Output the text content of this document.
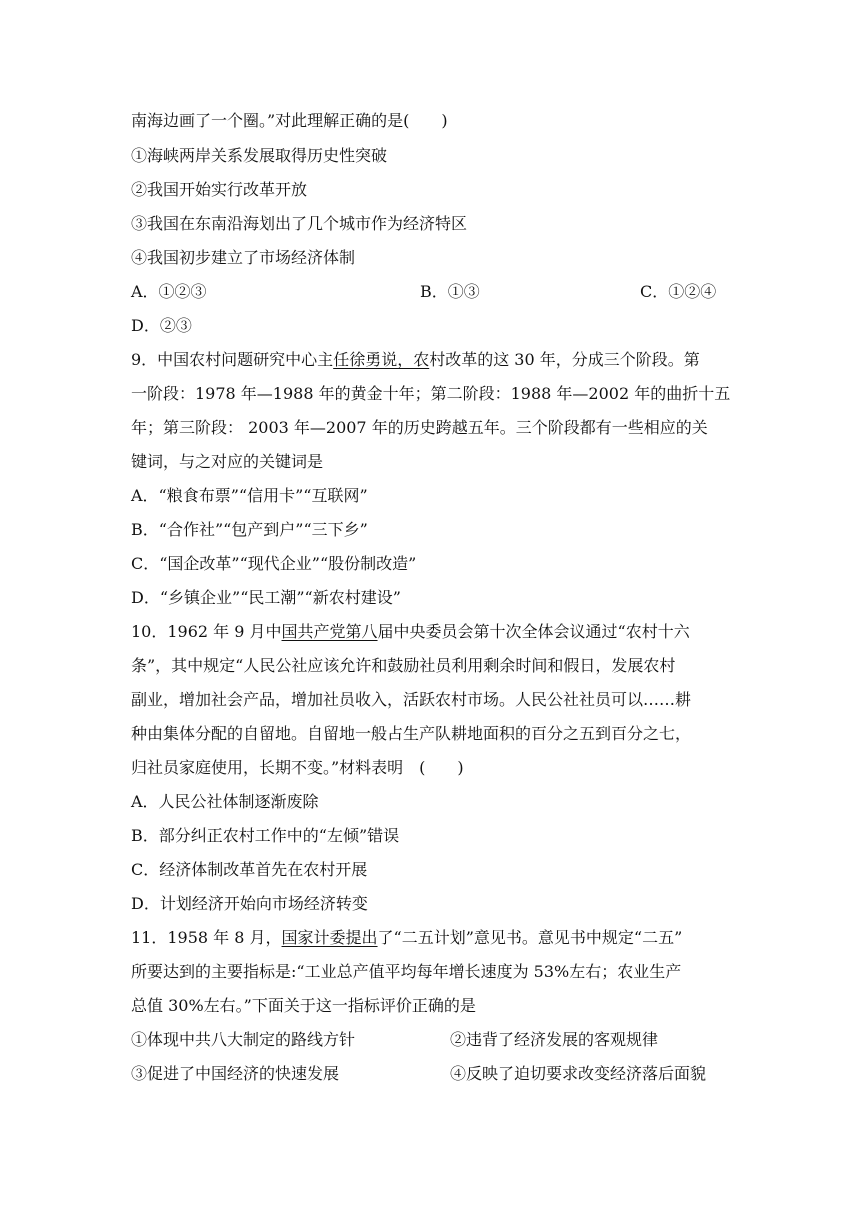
南海边画了一个圈。”对此理解正确的是(　　)

①海峡两岸关系发展取得历史性突破

②我国开始实行改革开放

③我国在东南沿海划出了几个城市作为经济特区

④我国初步建立了市场经济体制

A．①②③	B．①③	C．①②④

D．②③

9．中国农村问题研究中心主任徐勇说，农村改革的这 30 年，分成三个阶段。第

一阶段：1978 年—1988 年的黄金十年；第二阶段：1988 年—2002 年的曲折十五

年；第三阶段： 2003 年—2007 年的历史跨越五年。三个阶段都有一些相应的关

键词，与之对应的关键词是

A．“粮食布票”“信用卡”“互联网”

B．“合作社”“包产到户”“三下乡”

C．“国企改革”“现代企业”“股份制改造”

D．“乡镇企业”“民工潮”“新农村建设”

10．1962 年 9 月中国共产党第八届中央委员会第十次全体会议通过“农村十六

条”，其中规定“人民公社应该允许和鼓励社员利用剩余时间和假日，发展农村

副业，增加社会产品，增加社员收入，活跃农村市场。人民公社社员可以……耕

种由集体分配的自留地。自留地一般占生产队耕地面积的百分之五到百分之七，

归社员家庭使用，长期不变。”材料表明　(　　)

A．人民公社体制逐渐废除

B．部分纠正农村工作中的“左倾”错误

C．经济体制改革首先在农村开展

D．计划经济开始向市场经济转变

11．1958 年 8 月，国家计委提出了“二五计划”意见书。意见书中规定“二五”

所要达到的主要指标是:“工业总产值平均每年增长速度为 53%左右；农业生产

总值 30%左右。”下面关于这一指标评价正确的是

①体现中共八大制定的路线方针	②违背了经济发展的客观规律

③促进了中国经济的快速发展	④反映了迫切要求改变经济落后面貌
